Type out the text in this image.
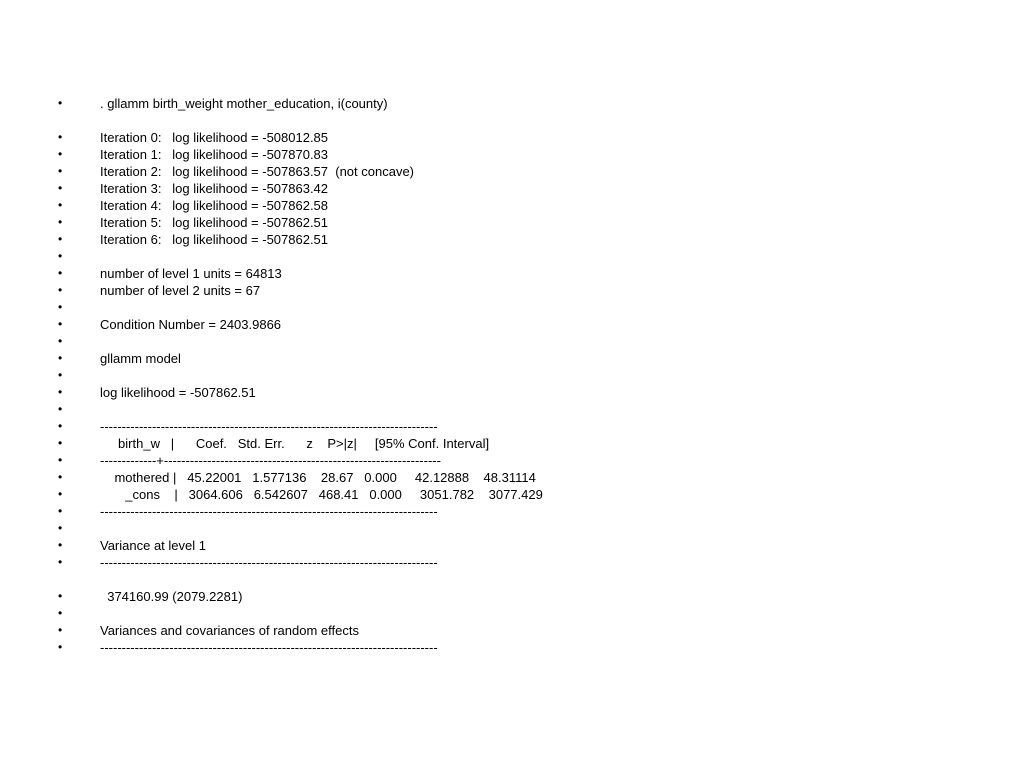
•	. gllamm birth_weight mother_education, i(county)
•	Iteration 0:   log likelihood = -508012.85
•	Iteration 1:   log likelihood = -507870.83
•	Iteration 2:   log likelihood = -507863.57  (not concave)
•	Iteration 3:   log likelihood = -507863.42
•	Iteration 4:   log likelihood = -507862.58
•	Iteration 5:   log likelihood = -507862.51
•	Iteration 6:   log likelihood = -507862.51
•
•	number of level 1 units = 64813
•	number of level 2 units = 67
•
•	Condition Number = 2403.9866
•
•	gllamm model
•
•	log likelihood = -507862.51
•
•	------------------------------------------------------------------------------
•	birth_w   |      Coef.   Std. Err.      z    P>|z|     [95% Conf. Interval]
•	-------------+----------------------------------------------------------------
•	mothered |   45.22001   1.577136    28.67   0.000     42.12888    48.31114
•	_cons    |   3064.606   6.542607   468.41   0.000     3051.782    3077.429
•	------------------------------------------------------------------------------
•
•	Variance at level 1
•	------------------------------------------------------------------------------
•	374160.99 (2079.2281)
•
•	Variances and covariances of random effects
•	------------------------------------------------------------------------------
